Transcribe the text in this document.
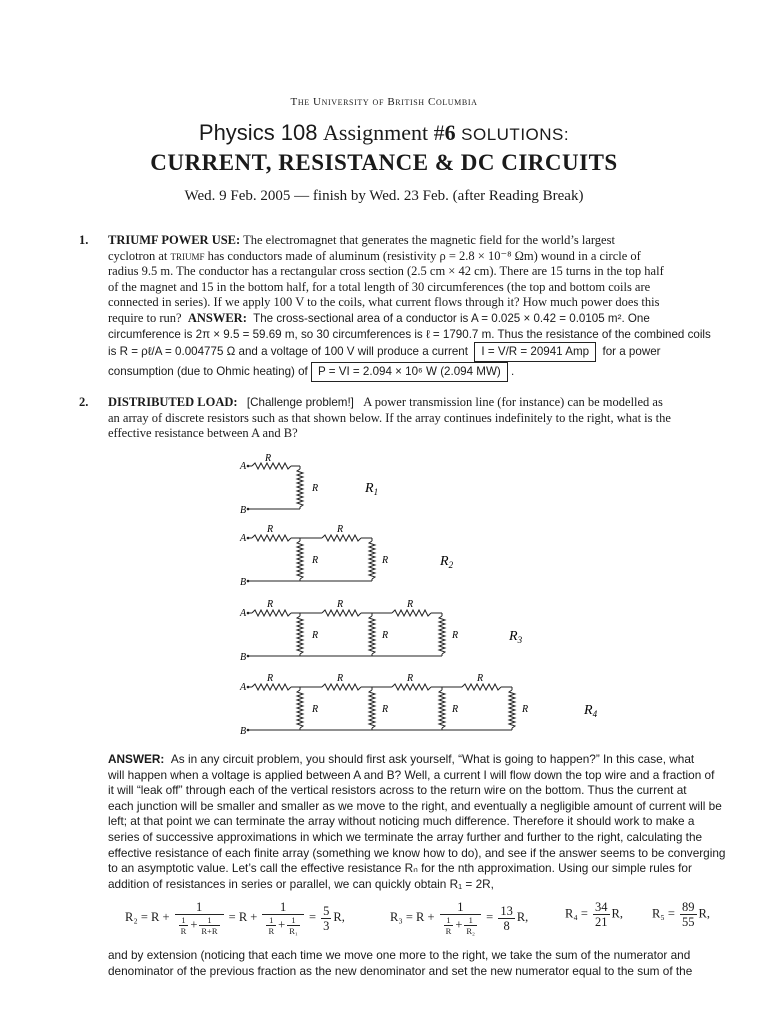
The University of British Columbia
Physics 108 Assignment #6 SOLUTIONS:
CURRENT, RESISTANCE & DC CIRCUITS
Wed. 9 Feb. 2005 — finish by Wed. 23 Feb. (after Reading Break)
1. TRIUMF POWER USE: The electromagnet that generates the magnetic field for the world’s largest
cyclotron at triumf has conductors made of aluminum (resistivity ρ = 2.8 × 10⁻⁸ Ωm) wound in a circle of
radius 9.5 m. The conductor has a rectangular cross section (2.5 cm × 42 cm). There are 15 turns in the top half
of the magnet and 15 in the bottom half, for a total length of 30 circumferences (the top and bottom coils are
connected in series). If we apply 100 V to the coils, what current flows through it? How much power does this
require to run? ANSWER: The cross-sectional area of a conductor is A = 0.025 × 0.42 = 0.0105 m². One
circumference is 2π × 9.5 = 59.69 m, so 30 circumferences is ℓ = 1790.7 m. Thus the resistance of the combined coils
is R = ρℓ/A = 0.004775 Ω and a voltage of 100 V will produce a current I = V/R = 20941 Amp for a power
consumption (due to Ohmic heating) of P = VI = 2.094 × 10⁶ W (2.094 MW) .
2. DISTRIBUTED LOAD: [Challenge problem!] A power transmission line (for instance) can be modelled as
an array of discrete resistors such as that shown below. If the array continues indefinitely to the right, what is the
effective resistance between A and B?
A
B
R
R	R1
A
B
R	R
R	R	$R_2$
A
B
R	R	R
R	R	R	$R_3$
A
B
R	R	R	R
R	R	R	R	$R_4$
ANSWER: As in any circuit problem, you should first ask yourself, “What is going to happen?” In this case, what
will happen when a voltage is applied between A and B? Well, a current I will flow down the top wire and a fraction of
it will “leak off” through each of the vertical resistors across to the return wire on the bottom. Thus the current at
each junction will be smaller and smaller as we move to the right, and eventually a negligible amount of current will be
left; at that point we can terminate the array without noticing much difference. Therefore it should work to make a
series of successive approximations in which we terminate the array further and further to the right, calculating the
effective resistance of each finite array (something we know how to do), and see if the answer seems to be converging
to an asymptotic value. Let’s call the effective resistance Rₙ for the nth approximation. Using our simple rules for
addition of resistances in series or parallel, we can quickly obtain R₁ = 2R,
$R_2 = R + \frac{1}{\frac{1}{R} + \frac{1}{R+R}} = R + \frac{1}{\frac{1}{R} + \frac{1}{\text{R₁}}} = \frac{5}{3} R$,	$R_3 = R + \frac{1}{\frac{1}{R} + \frac{1}{\text{R₂}}} = \frac{13}{8} R$,	$R_4 = \frac{34}{21} R$, $R_5 = \frac{89}{55} R$,
and by extension (noticing that each time we move one more to the right, we take the sum of the numerator and
denominator of the previous fraction as the new denominator and set the new numerator equal to the sum of the
